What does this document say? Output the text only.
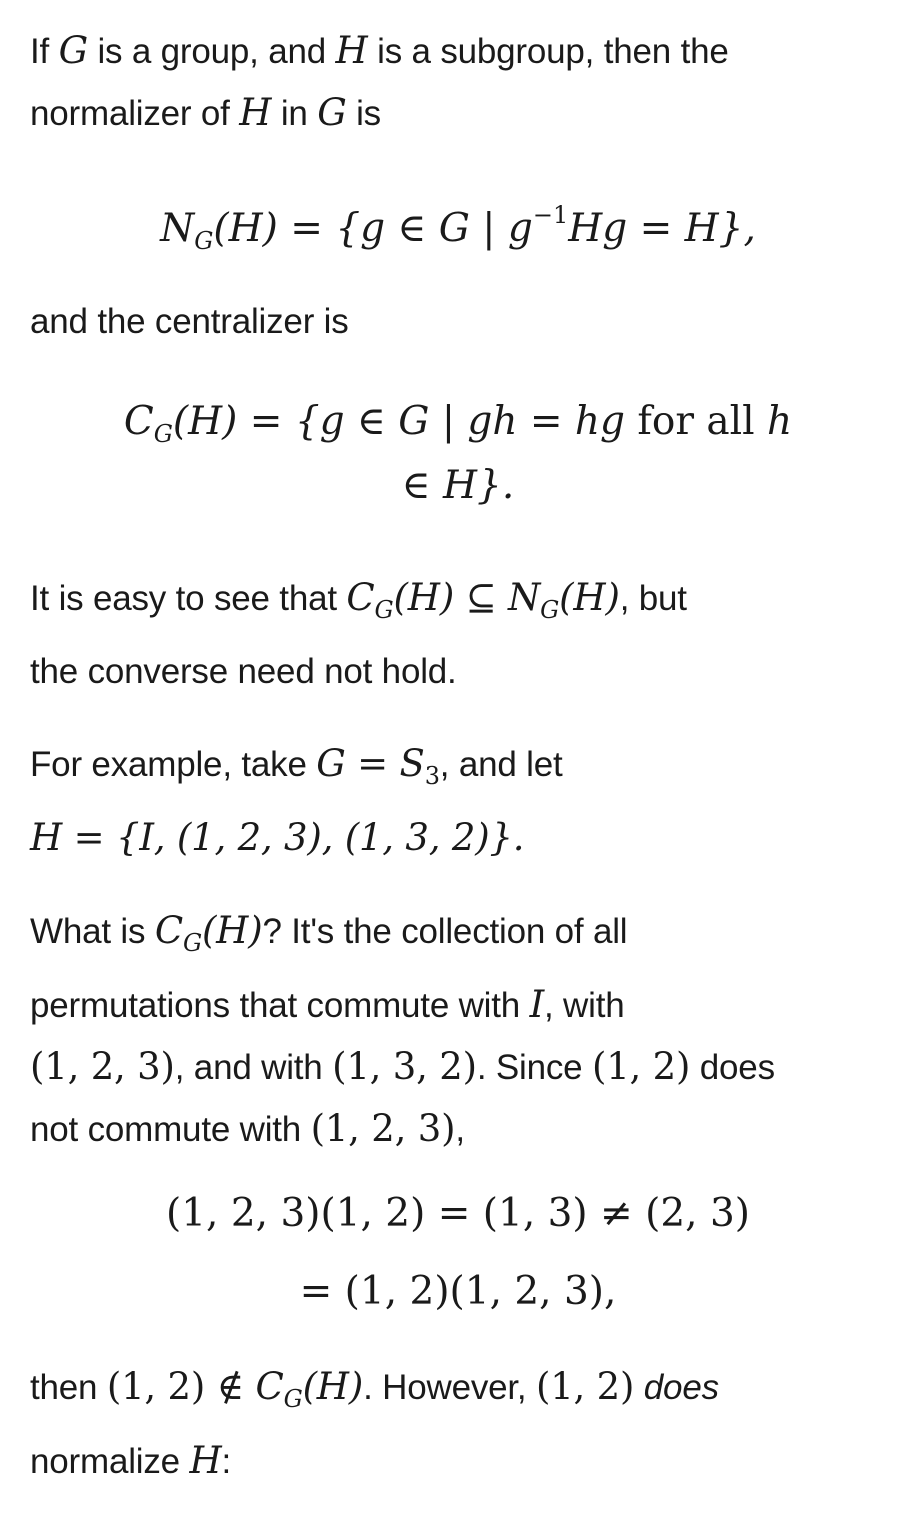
If G is a group, and H is a subgroup, then the
normalizer of H in G is
$N_G(H) = \{g$ ∈ G | $g^{-1}Hg = H$},
and the centralizer is
$C_G(H) = \{g$ ∈ G | gh = hg for all h
∈ H}.
It is easy to see that $C_G(H)$ ⊆ $N_G(H)$, but
the converse need not hold.
For example, take $G = S_3$, and let
H = {I, (1, 2, 3), (1, 3, 2)}.
What is $C_G(H)$? It's the collection of all
permutations that commute with I, with
(1, 2, 3), and with (1, 3, 2). Since (1, 2) does
not commute with (1, 2, 3),
(1, 2, 3)(1, 2) = (1, 3) ≠ (2, 3)
= (1, 2)(1, 2, 3),
then (1, 2) ∉ $C_G(H)$. However, (1, 2) does
normalize H:
